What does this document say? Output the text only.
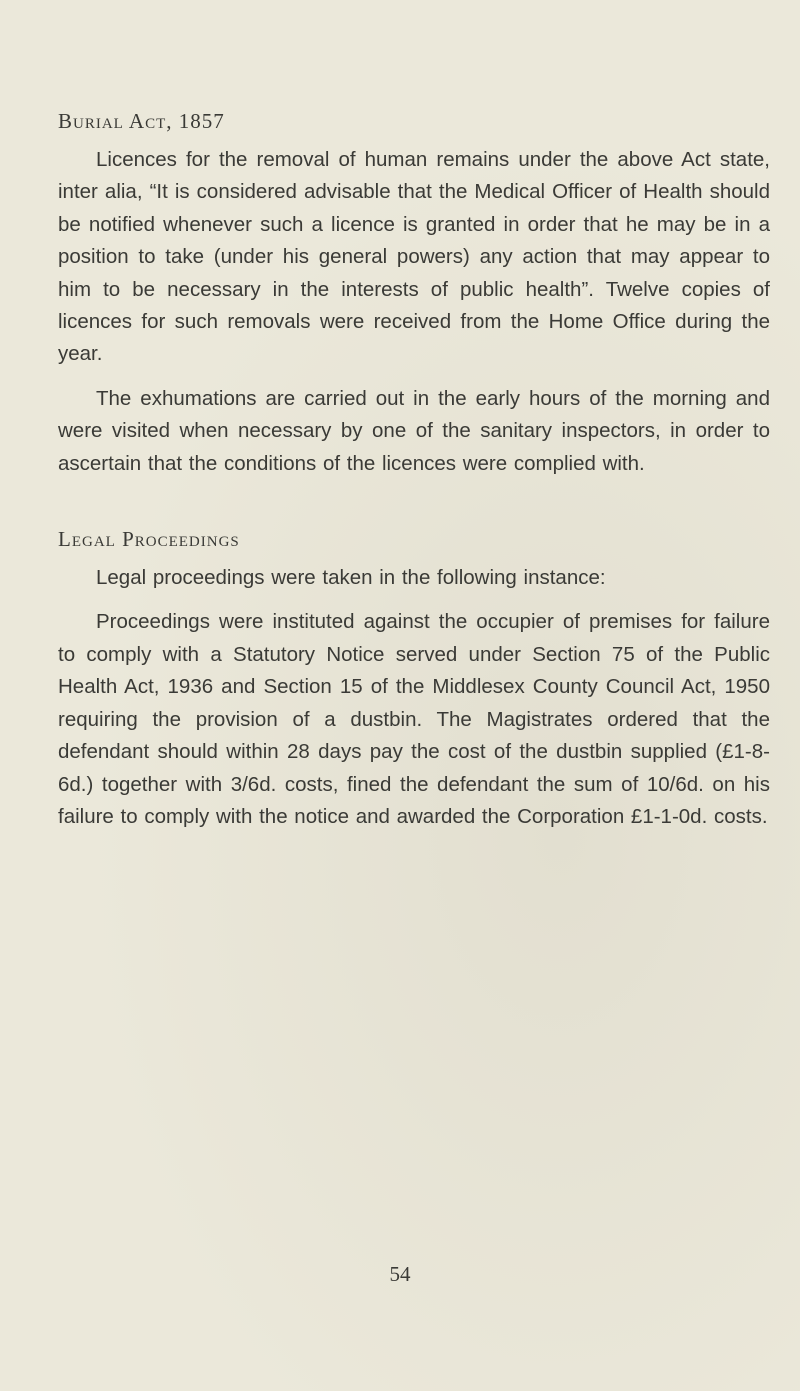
Burial Act, 1857

Licences for the removal of human remains under the above Act state, inter alia, “It is considered advisable that the Medical Officer of Health should be notified whenever such a licence is granted in order that he may be in a position to take (under his general powers) any action that may appear to him to be necessary in the interests of public health”. Twelve copies of licences for such removals were received from the Home Office during the year.

The exhumations are carried out in the early hours of the morning and were visited when necessary by one of the sanitary inspectors, in order to ascertain that the conditions of the licences were complied with.

Legal Proceedings

Legal proceedings were taken in the following instance:

Proceedings were instituted against the occupier of premises for failure to comply with a Statutory Notice served under Section 75 of the Public Health Act, 1936 and Section 15 of the Middlesex County Council Act, 1950 requiring the provision of a dustbin. The Magistrates ordered that the defendant should within 28 days pay the cost of the dustbin supplied (£1-8-6d.) together with 3/6d. costs, fined the defendant the sum of 10/6d. on his failure to comply with the notice and awarded the Corporation £1-1-0d. costs.

54
